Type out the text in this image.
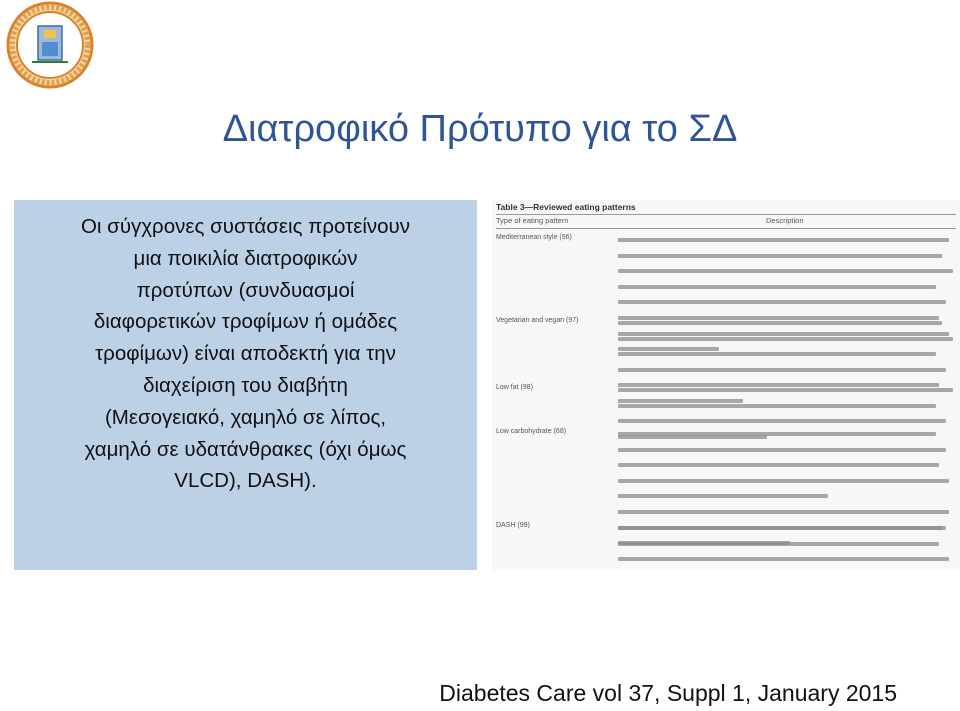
Διατροφικό Πρότυπο για το ΣΔ

Οι σύγχρονες συστάσεις προτείνουν
μια ποικιλία διατροφικών
προτύπων (συνδυασμοί
διαφορετικών τροφίμων ή ομάδες
τροφίμων) είναι αποδεκτή για την
διαχείριση του διαβήτη
(Μεσογειακό, χαμηλό σε λίπος,
χαμηλό σε υδατάνθρακες (όχι όμως
VLCD), DASH).

Table 3—Reviewed eating patterns
Type of eating pattern	Description
Mediterranean style (96)
Vegetarian and vegan (97)
Low fat (98)
Low carbohydrate (68)
DASH (99)
Diabetes Care vol 37, Suppl 1, January 2015
